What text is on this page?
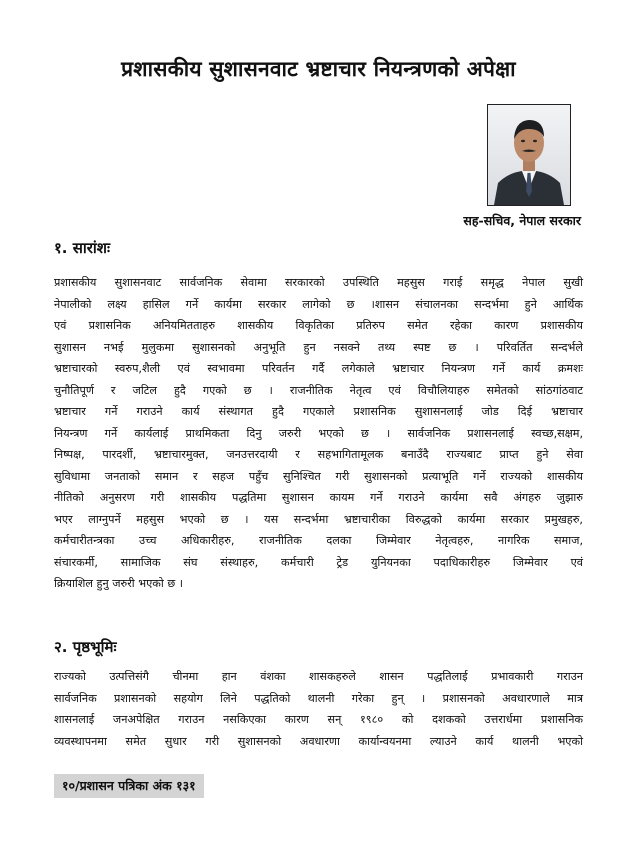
प्रशासकीय सुशासनवाट भ्रष्टाचार नियन्त्रणको अपेक्षा
सह-सचिव, नेपाल सरकार
१. सारांशः
प्रशासकीय सुशासनवाट सार्वजनिक सेवामा सरकारको उपस्थिति महसुस गराई समृद्ध नेपाल सुखी
नेपालीको लक्ष्य हासिल गर्ने कार्यमा सरकार लागेको छ ।शासन संचालनका सन्दर्भमा हुने आर्थिक
एवं प्रशासनिक अनियमितताहरु शासकीय विकृतिका प्रतिरुप समेत रहेका कारण प्रशासकीय
सुशासन नभई मुलुकमा सुशासनको अनुभूति हुन नसक्ने तथ्य स्पष्ट छ । परिवर्तित सन्दर्भले
भ्रष्टाचारको स्वरुप,शैली एवं स्वभावमा परिवर्तन गर्दै लगेकाले भ्रष्टाचार नियन्त्रण गर्ने कार्य क्रमशः
चुनौतिपूर्ण र जटिल हुदै गएको छ । राजनीतिक नेतृत्व एवं विचौलियाहरु समेतको सांठगांठवाट
भ्रष्टाचार गर्ने गराउने कार्य संस्थागत हुदै गएकाले प्रशासनिक सुशासनलाई जोड दिई भ्रष्टाचार
नियन्त्रण गर्ने कार्यलाई प्राथमिकता दिनु जरुरी भएको छ । सार्वजनिक प्रशासनलाई स्वच्छ,सक्षम,
निष्पक्ष, पारदर्शी, भ्रष्टाचारमुक्त, जनउत्तरदायी र सहभागितामूलक बनाउँदै राज्यबाट प्राप्त हुने सेवा
सुविधामा जनताको समान र सहज पहुँच सुनिश्चित गरी सुशासनको प्रत्याभूति गर्ने राज्यको शासकीय
नीतिको अनुसरण गरी शासकीय पद्धतिमा सुशासन कायम गर्ने गराउने कार्यमा सवै अंगहरु जुझारु
भएर लाग्नुपर्ने महसुस भएको छ । यस सन्दर्भमा भ्रष्टाचारीका विरुद्धको कार्यमा सरकार प्रमुखहरु,
कर्मचारीतन्त्रका उच्च अधिकारीहरु, राजनीतिक दलका जिम्मेवार नेतृत्वहरु, नागरिक समाज,
संचारकर्मी, सामाजिक संघ संस्थाहरु, कर्मचारी ट्रेड युनियनका पदाधिकारीहरु जिम्मेवार एवं
क्रियाशिल हुनु जरुरी भएको छ ।
२. पृष्ठभूमिः
राज्यको उत्पत्तिसंगै चीनमा हान वंशका शासकहरुले शासन पद्धतिलाई प्रभावकारी गराउन
सार्वजनिक प्रशासनको सहयोग लिने पद्धतिको थालनी गरेका हुन् । प्रशासनको अवधारणाले मात्र
शासनलाई जनअपेक्षित गराउन नसकिएका कारण सन् १९८० को दशकको उत्तरार्धमा प्रशासनिक
व्यवस्थापनमा समेत सुधार गरी सुशासनको अवधारणा कार्यान्वयनमा ल्याउने कार्य थालनी भएको
१०/प्रशासन पत्रिका अंक १३१
